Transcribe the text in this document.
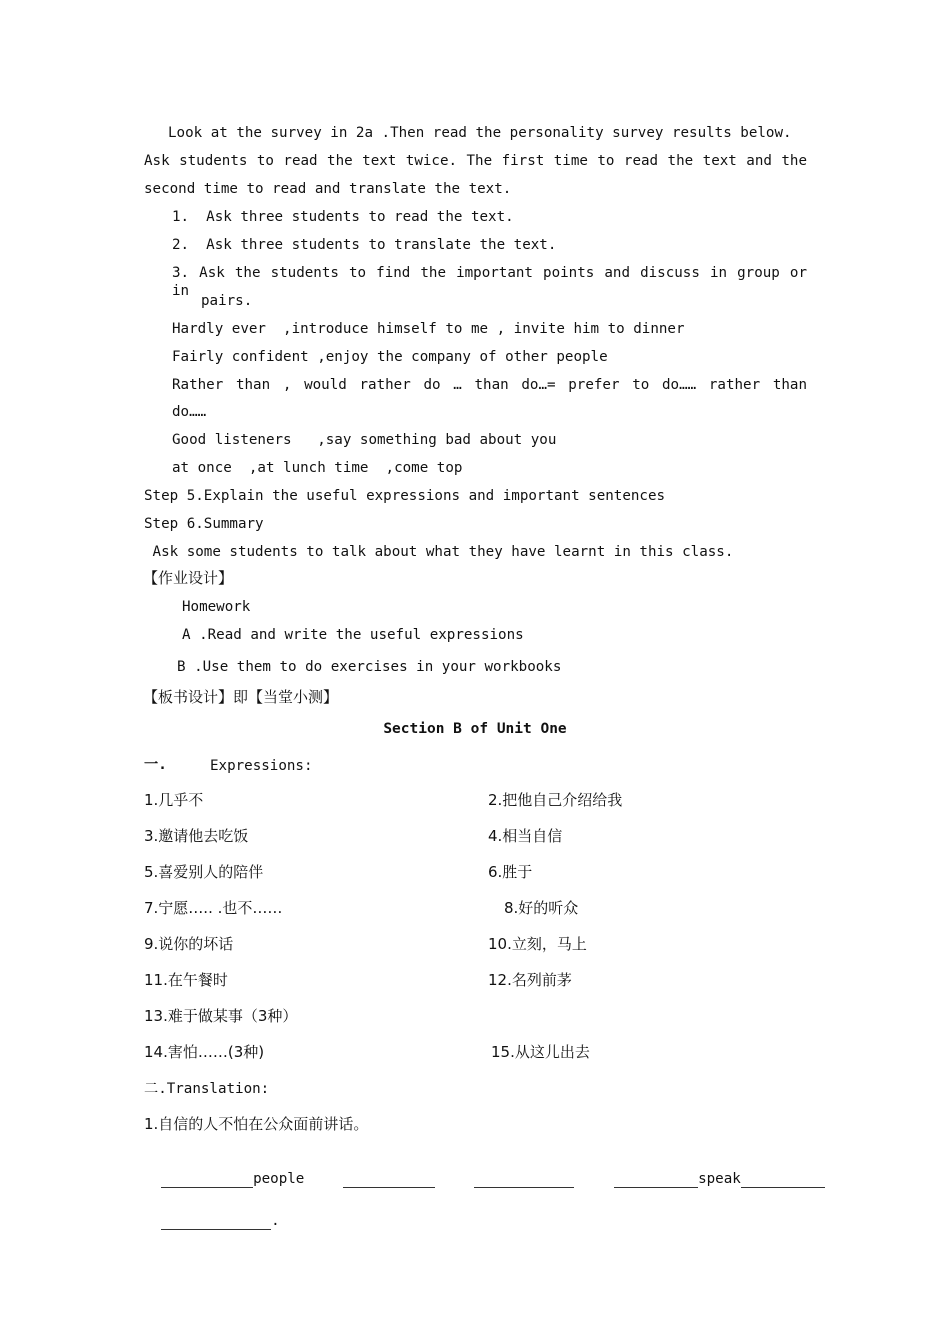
Look at the survey in 2a .Then read the personality survey results below.
Ask students to read the text twice. The first time to read the text and the
second time to read and translate the text.
1.  Ask three students to read the text.
2.  Ask three students to translate the text.
3. Ask the students to find the important points and discuss in group or in
pairs.
Hardly ever  ,introduce himself to me , invite him to dinner
Fairly confident ,enjoy the company of other people
Rather than , would rather do … than do…= prefer to do…… rather than
do……
Good listeners   ,say something bad about you
at once  ,at lunch time  ,come top
Step 5.Explain the useful expressions and important sentences
Step 6.Summary
Ask some students to talk about what they have learnt in this class.
【作业设计】
Homework
A .Read and write the useful expressions
B .Use them to do exercises in your workbooks
【板书设计】即【当堂小测】
Section B of Unit One
一.	Expressions:
1.几乎不	2.把他自己介绍给我
3.邀请他去吃饭	4.相当自信
5.喜爱别人的陪伴	6.胜于
7.宁愿….. .也不……	8.好的听众
9.说你的坏话	10.立刻，马上
11.在午餐时	12.名列前茅
13.难于做某事（3种）
14.害怕……(3种)	15.从这儿出去
二.Translation:
1.自信的人不怕在公众面前讲话。

people

	speak

.
